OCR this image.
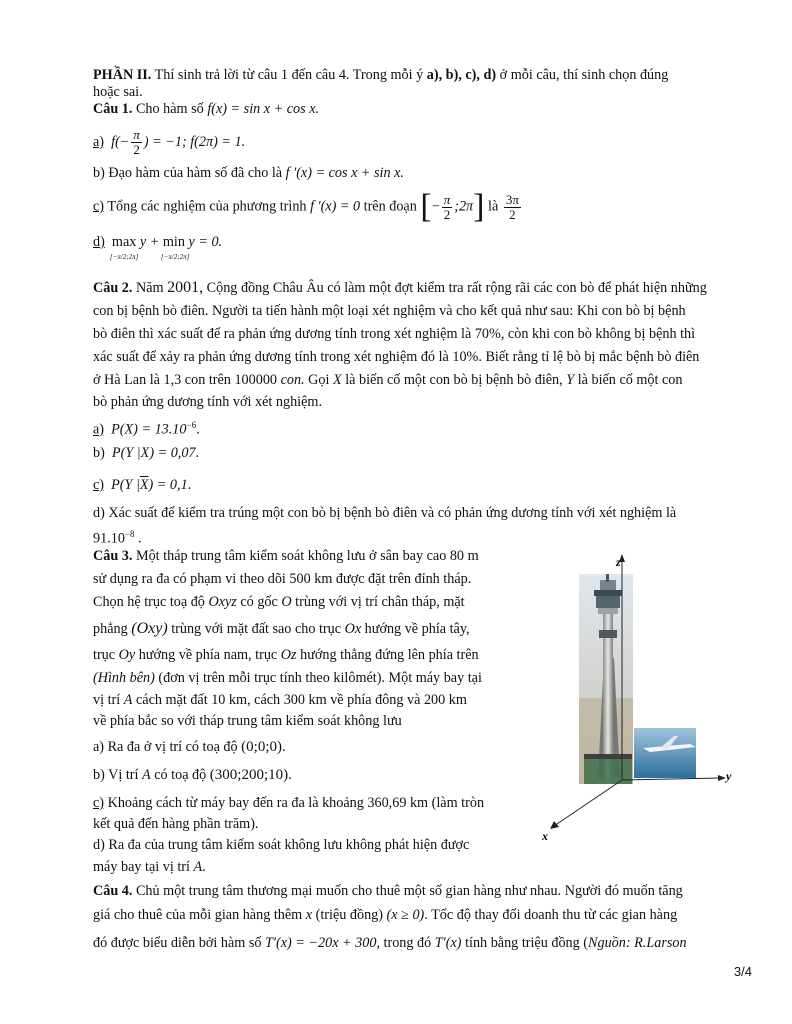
PHẦN II. Thí sinh trả lời từ câu 1 đến câu 4. Trong mỗi ý a), b), c), d) ở mỗi câu, thí sinh chọn đúng
hoặc sai.
Câu 1. Cho hàm số f(x) = sin x + cos x.
a) $f(- \frac{\pi}{2}$ ) = −1; f(2π) = 1.
b) Đạo hàm của hàm số đã cho là f '(x) = cos x + sin x.
c) Tổng các nghiệm của phương trình f '(x) = 0 trên đoạn [− $\frac{\pi}{2}$ ;2π] là $\frac{3\pi}{2}$
d) max
[−π/2;2π]
y + min
[−π/2;2π]
y = 0.
Câu 2. Năm 2001, Cộng đồng Châu Âu có làm một đợt kiểm tra rất rộng rãi các con bò để phát hiện những
con bị bệnh bò điên. Người ta tiến hành một loại xét nghiệm và cho kết quả như sau: Khi con bò bị bệnh
bò điên thì xác suất để ra phản ứng dương tính trong xét nghiệm là 70%, còn khi con bò không bị bệnh thì
xác suất để xảy ra phản ứng dương tính trong xét nghiệm đó là 10%. Biết rằng tỉ lệ bò bị mắc bệnh bò điên
ở Hà Lan là 1,3 con trên 100000 con. Gọi X là biến cố một con bò bị bệnh bò điên, Y là biến cố một con
bò phản ứng dương tính với xét nghiệm.
a) $P(X) = 13.10^{-6}$.
b) P(Y |X) = 0,07.
c) P(Y $|\overline{X}) = 0,1$.
d) Xác suất để kiểm tra trúng một con bò bị bệnh bò điên và có phản ứng dương tính với xét nghiệm là
$91.10^{-8}$ .
Câu 3. Một tháp trung tâm kiểm soát không lưu ở sân bay cao 80 m
sử dụng ra đa có phạm vi theo dõi 500 km được đặt trên đỉnh tháp.
Chọn hệ trục toạ độ Oxyz có gốc O trùng với vị trí chân tháp, mặt
phẳng (Oxy) trùng với mặt đất sao cho trục Ox hướng về phía tây,
trục Oy hướng về phía nam, trục Oz hướng thẳng đứng lên phía trên
(Hình bên) (đơn vị trên mỗi trục tính theo kilômét). Một máy bay tại
vị trí A cách mặt đất 10 km, cách 300 km về phía đông và 200 km
về phía bắc so với tháp trung tâm kiểm soát không lưu
a) Ra đa ở vị trí có toạ độ (0;0;0).
b) Vị trí A có toạ độ (300;200;10).
c) Khoảng cách từ máy bay đến ra đa là khoảng 360,69 km (làm tròn
kết quả đến hàng phần trăm).
d) Ra đa của trung tâm kiểm soát không lưu không phát hiện được
máy bay tại vị trí A.
z
y
x
Câu 4. Chủ một trung tâm thương mại muốn cho thuê một số gian hàng như nhau. Người đó muốn tăng
giá cho thuê của mỗi gian hàng thêm x (triệu đồng) (x ≥ 0). Tốc độ thay đổi doanh thu từ các gian hàng
đó được biểu diễn bởi hàm số T′(x) = −20x + 300, trong đó T′(x) tính bằng triệu đồng (Nguồn: R.Larson
3/4
